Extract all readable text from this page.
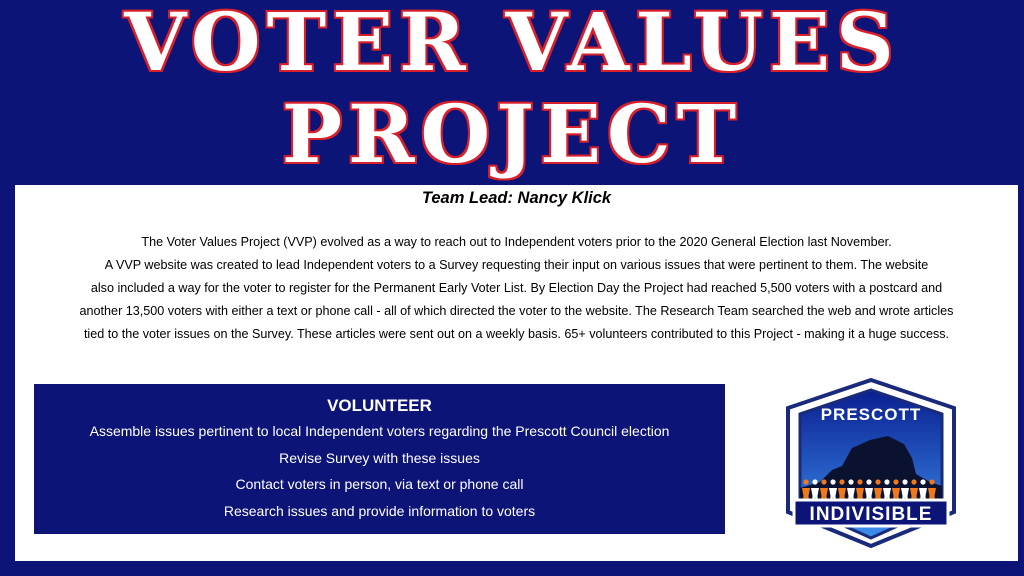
VOTER VALUES
PROJECT
Team Lead: Nancy Klick
The Voter Values Project (VVP) evolved as a way to reach out to Independent voters prior to the 2020 General Election last November.
A VVP website was created to lead Independent voters to a Survey requesting their input on various issues that were pertinent to them. The website
also included a way for the voter to register for the Permanent Early Voter List. By Election Day the Project had reached 5,500 voters with a postcard and
another 13,500 voters with either a text or phone call - all of which directed the voter to the website. The Research Team searched the web and wrote articles
tied to the voter issues on the Survey. These articles were sent out on a weekly basis. 65+ volunteers contributed to this Project - making it a huge success.
VOLUNTEER
Assemble issues pertinent to local Independent voters regarding the Prescott Council election
Revise Survey with these issues
Contact voters in person, via text or phone call
Research issues and provide information to voters
PRESCOTT
INDIVISIBLE
